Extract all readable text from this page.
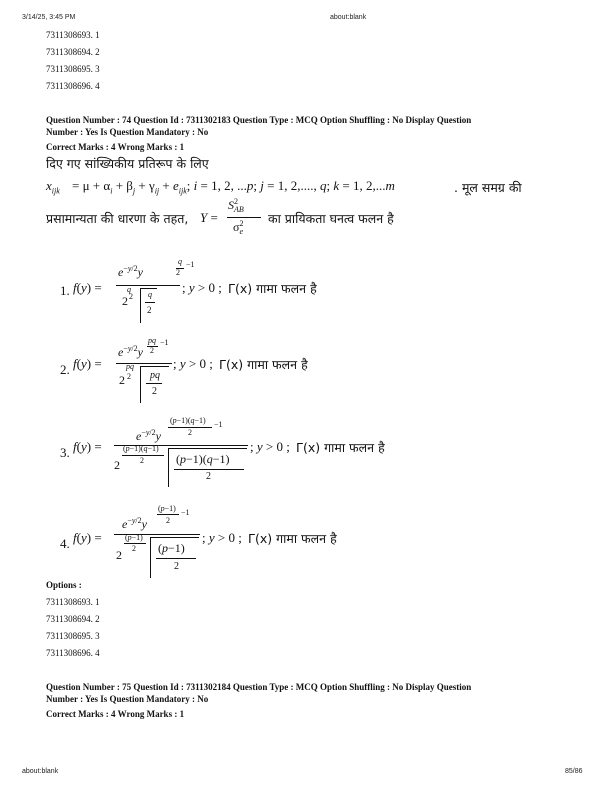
3/14/25, 3:45 PM	about:blank
7311308693. 1
7311308694. 2
7311308695. 3
7311308696. 4
Question Number : 74 Question Id : 7311302183 Question Type : MCQ Option Shuffling : No Display Question
Number : Yes Is Question Mandatory : No
Correct Marks : 4 Wrong Marks : 1
दिए गए सांख्यिकीय प्रतिरूप के लिए
$x_{ijk} = \mu + \alpha_i + \beta_j + \gamma_{ij} + e_{ijk}$; i = 1, 2, ...p; j = 1, 2,...., q; k = 1, 2,...m	. मूल समग्र की
प्रसामान्यता की धारणा के तहत, Y =
$S^2_{AB}$
$\sigma^2_e$
का प्रायिकता घनत्व फलन है
1. f(y) =
q −1
2
$e^{-y/2}y$
q
2 2 q
2
; y > 0 ; Γ(x) गामा फलन है
2. f(y) =
pq −1
2
$e^{-y/2}y$
pq
2 2 pq
2
; y > 0 ; Γ(x) गामा फलन है
3. f(y) =
(p−1)(q−1) −1
2
$e^{-y/2}y$
(p−1)(q−1)
2
2	(p−1)(q−1)
2
; y > 0 ; Γ(x) गामा फलन है
4. f(y) =
(p−1) −1
2
$e^{-y/2}y$
(p−1)
2
2	(p−1)
2
; y > 0 ; Γ(x) गामा फलन है
Options :
7311308693. 1
7311308694. 2
7311308695. 3
7311308696. 4
Question Number : 75 Question Id : 7311302184 Question Type : MCQ Option Shuffling : No Display Question
Number : Yes Is Question Mandatory : No
Correct Marks : 4 Wrong Marks : 1
about:blank	85/86
